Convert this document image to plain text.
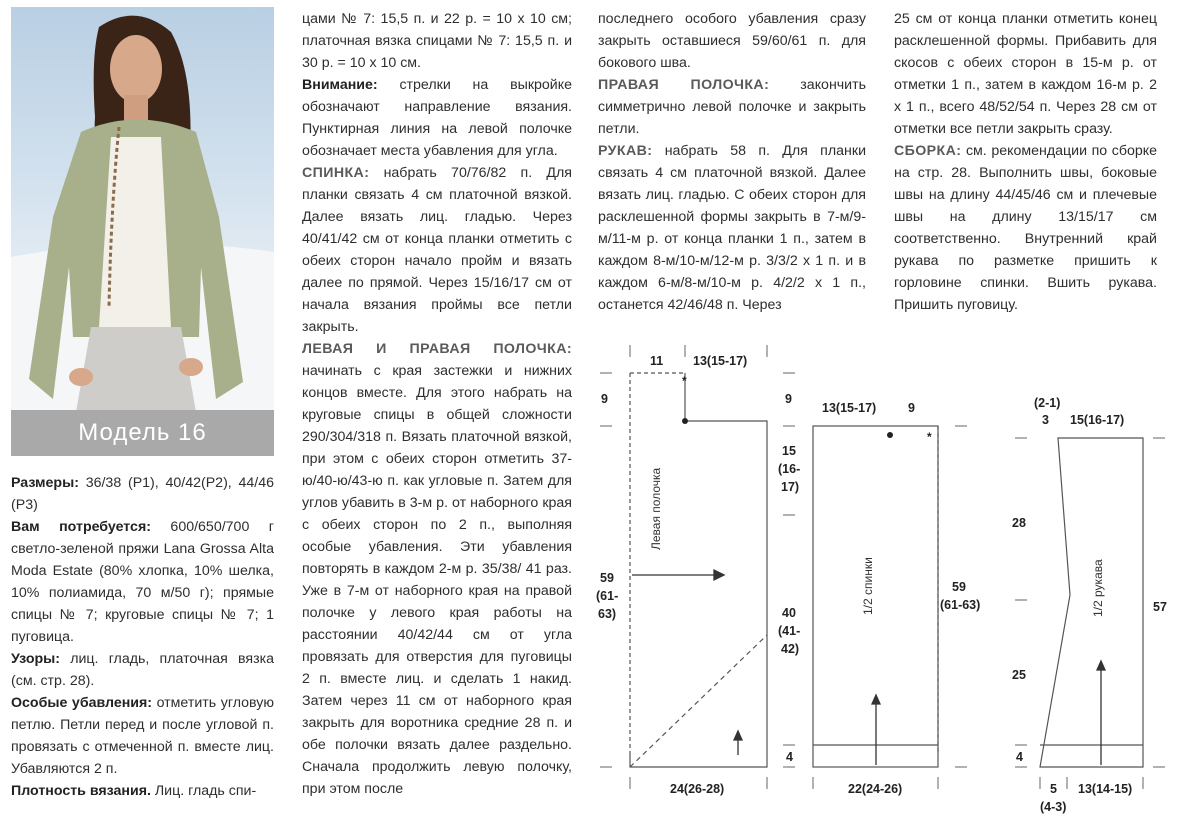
Модель 16

Размеры: 36/38 (Р1), 40/42(Р2), 44/46 (Р3)

Вам потребуется: 600/650/700 г светло-зеленой пряжи Lana Grossa Alta Moda Estate (80% хлопка, 10% шелка, 10% полиамида, 70 м/50 г); прямые спицы № 7; круговые спицы № 7; 1 пуговица.

Узоры: лиц. гладь, платочная вязка (см. стр. 28).

Особые убавления: отметить угловую петлю. Петли перед и после угловой п. провязать с отмеченной п. вместе лиц. Убавляются 2 п.

Плотность вязания. Лиц. гладь спи-

цами № 7: 15,5 п. и 22 р. = 10 х 10 см; платочная вязка спицами № 7: 15,5 п. и 30 р. = 10 х 10 см.

Внимание: стрелки на выкройке обозначают направление вязания. Пунктирная линия на левой полочке обозначает места убавления для угла.

СПИНКА: набрать 70/76/82 п. Для планки связать 4 см платочной вязкой. Далее вязать лиц. гладью. Через 40/41/42 см от конца планки отметить с обеих сторон начало пройм и вязать далее по прямой. Через 15/16/17 см от начала вязания проймы все петли закрыть.

ЛЕВАЯ И ПРАВАЯ ПОЛОЧКА: начинать с края застежки и нижних концов вместе. Для этого набрать на круговые спицы в общей сложности 290/304/318 п. Вязать платочной вязкой, при этом с обеих сторон отметить 37-ю/40-ю/43-ю п. как угловые п. Затем для углов убавить в 3-м р. от наборного края с обеих сторон по 2 п., выполняя особые убавления. Эти убавления повторять в каждом 2-м р. 35/38/ 41 раз. Уже в 7-м от наборного края на правой полочке у левого края работы на расстоянии 40/42/44 см от угла провязать для отверстия для пуговицы 2 п. вместе лиц. и сделать 1 накид. Затем через 11 см от наборного края закрыть для воротника средние 28 п. и обе полочки вязать далее раздельно. Сначала продолжить левую полочку, при этом после

последнего особого убавления сразу закрыть оставшиеся 59/60/61 п. для бокового шва.

ПРАВАЯ ПОЛОЧКА: закончить симметрично левой полочке и закрыть петли.

РУКАВ: набрать 58 п. Для планки связать 4 см платочной вязкой. Далее вязать лиц. гладью. С обеих сторон для расклешенной формы закрыть в 7-м/9-м/11-м р. от конца планки 1 п., затем в каждом 8-м/10-м/12-м р. 3/3/2 х 1 п. и в каждом 6-м/8-м/10-м р. 4/2/2 х 1 п., останется 42/46/48 п. Через

25 см от конца планки отметить конец расклешенной формы. Прибавить для скосов с обеих сторон в 15-м р. от отметки 1 п., затем в каждом 16-м р. 2 х 1 п., всего 48/52/54 п. Через 28 см от отметки все петли закрыть сразу.

СБОРКА: см. рекомендации по сборке на стр. 28. Выполнить швы, боковые швы на длину 44/45/46 см и плечевые швы на длину 13/15/17 см соответственно. Внутренний край рукава по разметке пришить к горловине спинки. Вшить рукава. Пришить пуговицу.

*
*
11 13(15-17)
9
59
(61-
63)
24(26-28)
Левая полочка
13(15-17)	9
9
15
(16-
17)
40
(41-
42)
4
59
(61-63)
22(24-26)
1/2 спинки
(2-1)
3 15(16-17)
28
25
4
57
5
(4-3)
13(14-15)
1/2 рукава
